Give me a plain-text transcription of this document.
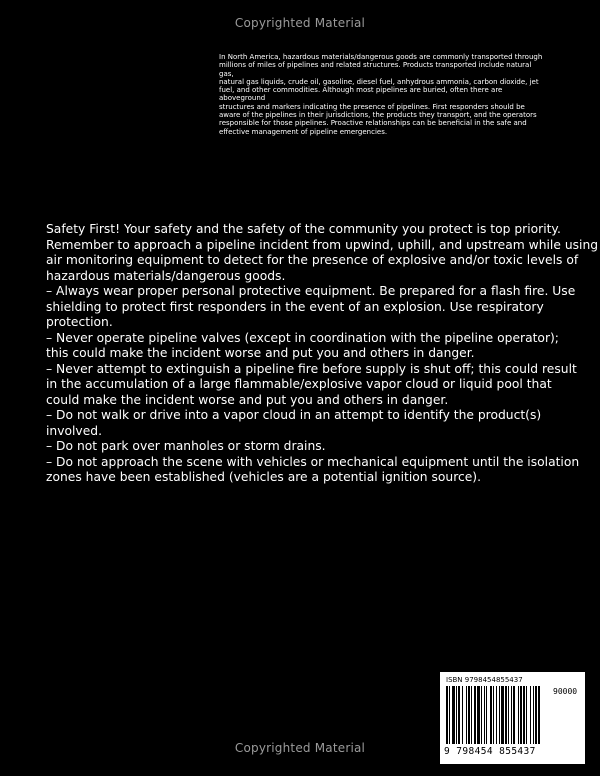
Copyrighted Material

In North America, hazardous materials/dangerous goods are commonly transported through

millions of miles of pipelines and related structures. Products transported include natural

gas,

natural gas liquids, crude oil, gasoline, diesel fuel, anhydrous ammonia, carbon dioxide, jet

fuel, and other commodities. Although most pipelines are buried, often there are

aboveground

structures and markers indicating the presence of pipelines. First responders should be

aware of the pipelines in their jurisdictions, the products they transport, and the operators

responsible for those pipelines. Proactive relationships can be beneficial in the safe and

effective management of pipeline emergencies.

Safety First! Your safety and the safety of the community you protect is top priority.

Remember to approach a pipeline incident from upwind, uphill, and upstream while using

air monitoring equipment to detect for the presence of explosive and/or toxic levels of

hazardous materials/dangerous goods.

– Always wear proper personal protective equipment. Be prepared for a flash fire. Use

shielding to protect first responders in the event of an explosion. Use respiratory

protection.

– Never operate pipeline valves (except in coordination with the pipeline operator);

this could make the incident worse and put you and others in danger.

– Never attempt to extinguish a pipeline fire before supply is shut off; this could result

in the accumulation of a large flammable/explosive vapor cloud or liquid pool that

could make the incident worse and put you and others in danger.

– Do not walk or drive into a vapor cloud in an attempt to identify the product(s)

involved.

– Do not park over manholes or storm drains.

– Do not approach the scene with vehicles or mechanical equipment until the isolation

zones have been established (vehicles are a potential ignition source).

ISBN 9798454855437
90000
9 798454 855437
Copyrighted Material
